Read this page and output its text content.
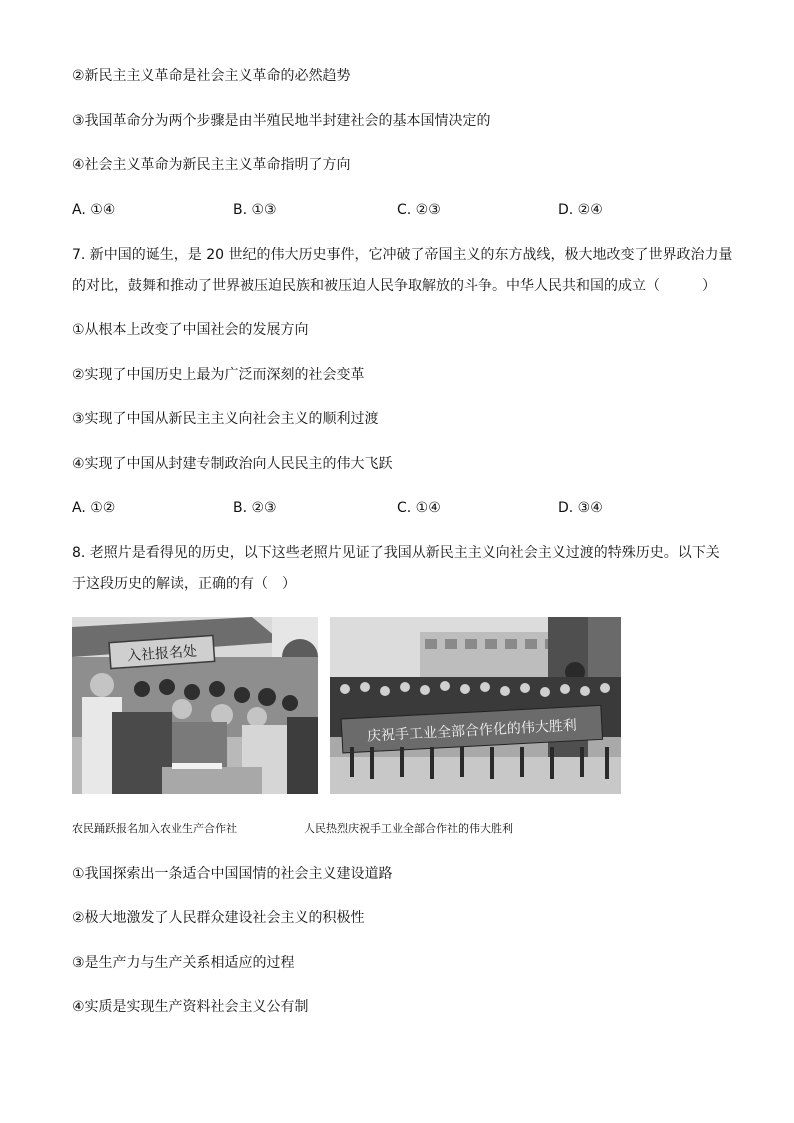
②新民主主义革命是社会主义革命的必然趋势
③我国革命分为两个步骤是由半殖民地半封建社会的基本国情决定的
④社会主义革命为新民主主义革命指明了方向
A. ①④	B. ①③	C. ②③	D. ②④
7. 新中国的诞生，是 20 世纪的伟大历史事件，它冲破了帝国主义的东方战线，极大地改变了世界政治力量
的对比，鼓舞和推动了世界被压迫民族和被压迫人民争取解放的斗争。中华人民共和国的成立（　　　）
①从根本上改变了中国社会的发展方向
②实现了中国历史上最为广泛而深刻的社会变革
③实现了中国从新民主主义向社会主义的顺利过渡
④实现了中国从封建专制政治向人民民主的伟大飞跃
A. ①②	B. ②③	C. ①④	D. ③④
8. 老照片是看得见的历史，以下这些老照片见证了我国从新民主主义向社会主义过渡的特殊历史。以下关
于这段历史的解读，正确的有（　）
入社报名处
庆祝手工业全部合作化的伟大胜利
农民踊跃报名加入农业生产合作社	人民热烈庆祝手工业全部合作社的伟大胜利
①我国探索出一条适合中国国情的社会主义建设道路
②极大地激发了人民群众建设社会主义的积极性
③是生产力与生产关系相适应的过程
④实质是实现生产资料社会主义公有制
